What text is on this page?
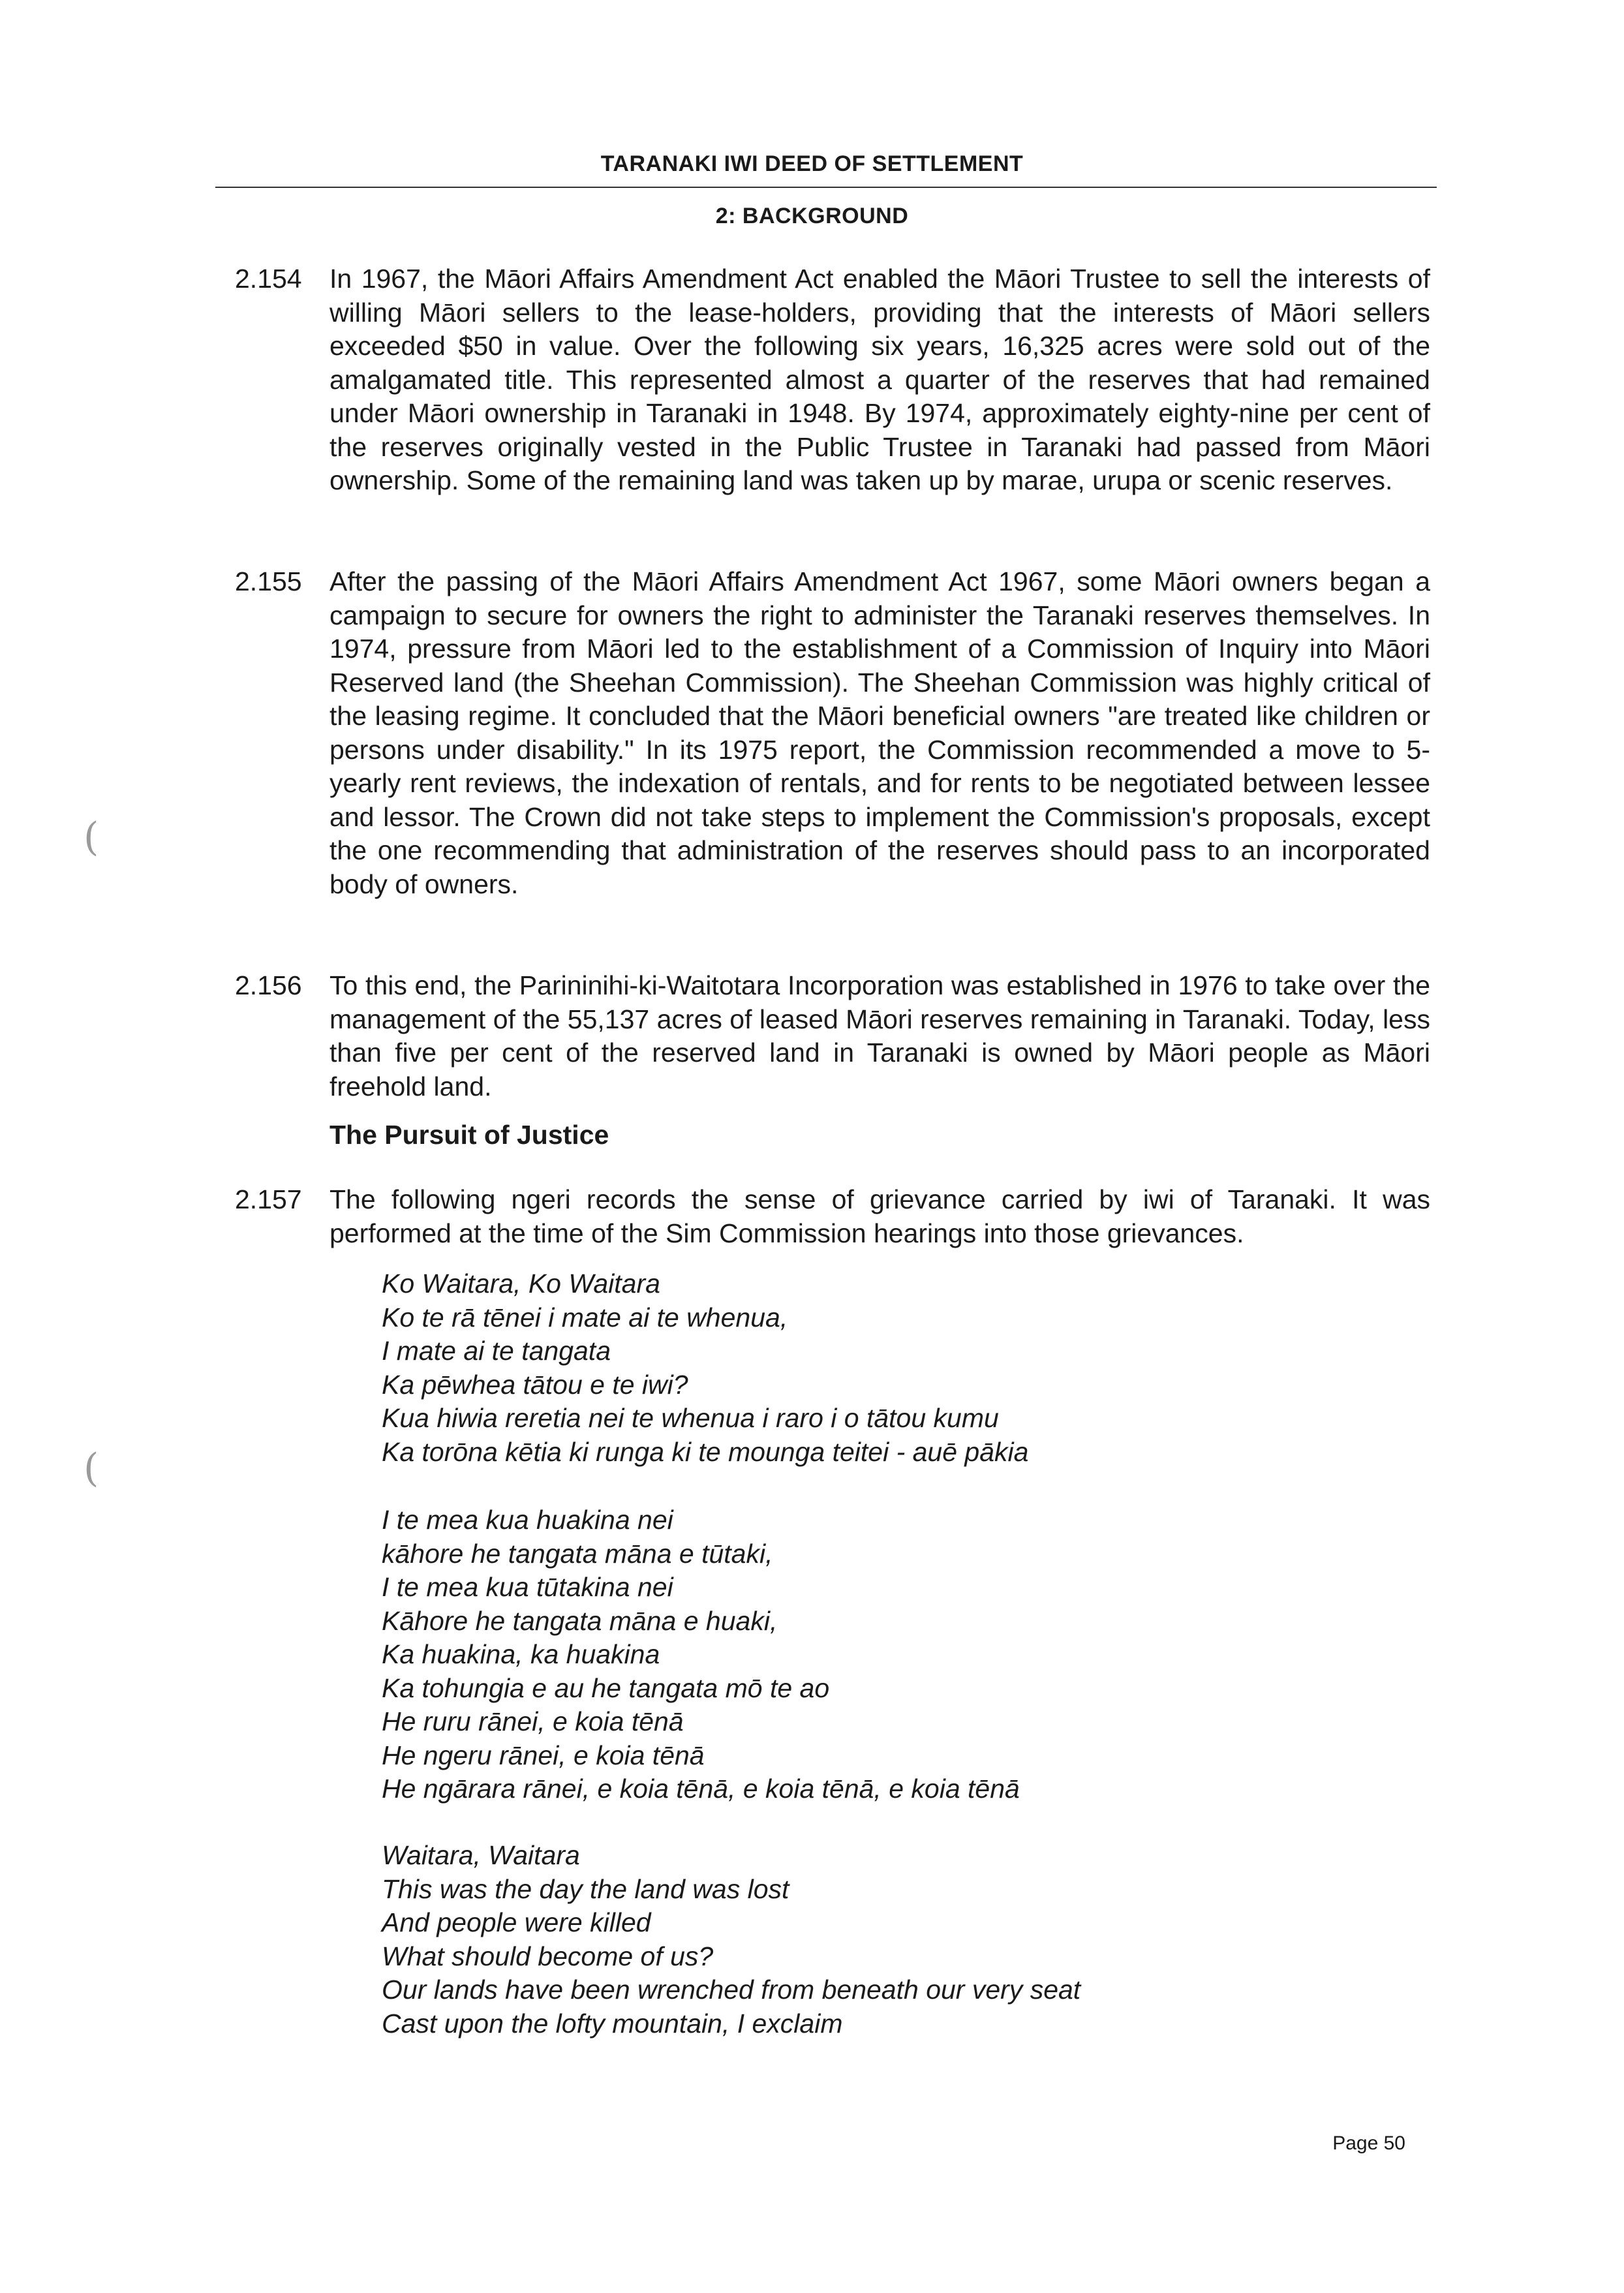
TARANAKI IWI DEED OF SETTLEMENT
2: BACKGROUND
2.154	In 1967, the Māori Affairs Amendment Act enabled the Māori Trustee to sell the interests of willing Māori sellers to the lease-holders, providing that the interests of Māori sellers exceeded $50 in value. Over the following six years, 16,325 acres were sold out of the amalgamated title. This represented almost a quarter of the reserves that had remained under Māori ownership in Taranaki in 1948. By 1974, approximately eighty-nine per cent of the reserves originally vested in the Public Trustee in Taranaki had passed from Māori ownership. Some of the remaining land was taken up by marae, urupa or scenic reserves.
2.155	After the passing of the Māori Affairs Amendment Act 1967, some Māori owners began a campaign to secure for owners the right to administer the Taranaki reserves themselves. In 1974, pressure from Māori led to the establishment of a Commission of Inquiry into Māori Reserved land (the Sheehan Commission). The Sheehan Commission was highly critical of the leasing regime. It concluded that the Māori beneficial owners "are treated like children or persons under disability." In its 1975 report, the Commission recommended a move to 5-yearly rent reviews, the indexation of rentals, and for rents to be negotiated between lessee and lessor. The Crown did not take steps to implement the Commission's proposals, except the one recommending that administration of the reserves should pass to an incorporated body of owners.
2.156	To this end, the Parininihi-ki-Waitotara Incorporation was established in 1976 to take over the management of the 55,137 acres of leased Māori reserves remaining in Taranaki. Today, less than five per cent of the reserved land in Taranaki is owned by Māori people as Māori freehold land.
The Pursuit of Justice
2.157	The following ngeri records the sense of grievance carried by iwi of Taranaki. It was performed at the time of the Sim Commission hearings into those grievances.
Ko Waitara, Ko Waitara
Ko te rā tēnei i mate ai te whenua,
I mate ai te tangata
Ka pēwhea tātou e te iwi?
Kua hiwia reretia nei te whenua i raro i o tātou kumu
Ka torōna kētia ki runga ki te mounga teitei - auē pākia
I te mea kua huakina nei
kāhore he tangata māna e tūtaki,
I te mea kua tūtakina nei
Kāhore he tangata māna e huaki,
Ka huakina, ka huakina
Ka tohungia e au he tangata mō te ao
He ruru rānei, e koia tēnā
He ngeru rānei, e koia tēnā
He ngārara rānei, e koia tēnā, e koia tēnā, e koia tēnā
Waitara, Waitara
This was the day the land was lost
And people were killed
What should become of us?
Our lands have been wrenched from beneath our very seat
Cast upon the lofty mountain, I exclaim
Page 50
(
(
